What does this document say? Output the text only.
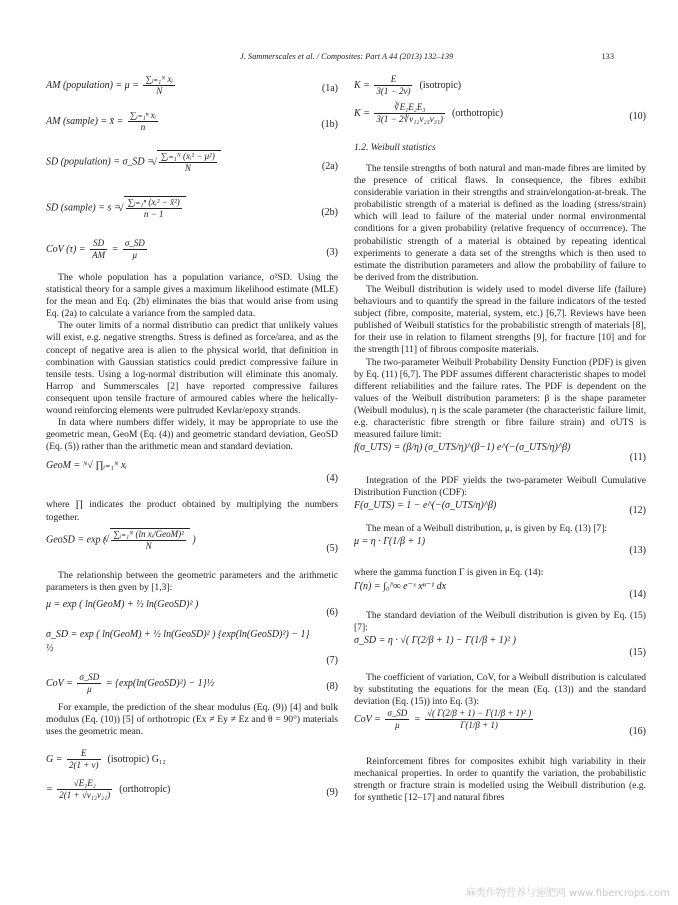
J. Summerscales et al. / Composites: Part A 44 (2013) 132–139	133
AM (population) = $\mu = \frac{\text{∑ᵢ₌₁ᴺ xᵢ}}{N}$	(1a)
AM (sample) = x̄ = $\frac{\text{∑ᵢ₌₁ⁿ xᵢ}}{n}$	(1b)
SD (population) = σ_SD = √ $\frac{\text{∑ᵢ₌₁ᴺ (xᵢ² − μ²)}}{N}$	(2a)
SD (sample) = s = √ $\frac{\text{∑ᵢ₌₁ⁿ (xᵢ² − x̄²)}}{n - 1}$	(2b)
CoV $(\tau) = \frac{SD}{AM} = \frac{\sigma\_SD}{\mu}$	(3)

The whole population has a population variance, σ²SD. Using the statistical theory for a sample gives a maximum likelihood estimate (MLE) for the mean and Eq. (2b) eliminates the bias that would arise from using Eq. (2a) to calculate a variance from the sampled data.

The outer limits of a normal distributio can predict that unlikely values will exist, e.g. negative strengths. Stress is defined as force/area, and as the concept of negative area is alien to the physical world, that definition in combination with Gaussian statistics could predict compressive failure in tensile tests. Using a log-normal distribution will eliminate this anomaly. Harrop and Summerscales [2] have reported compressive failures consequent upon tensile fracture of armoured cables where the helically-wound reinforcing elements were pultruded Kevlar/epoxy strands.

In data where numbers differ widely, it may be appropriate to use the geometric mean, GeoM (Eq. (4)) and geometric standard deviation, GeoSD (Eq. (5)) rather than the arithmetic mean and standard deviation.

GeoM = ᴺ√ ∏ᵢ₌₁ᴺ xᵢ
(4)

where ∏ indicates the product obtained by multiplying the numbers together.

GeoSD = exp ( √ $\frac{\text{∑ᵢ₌₁ᴺ (ln xᵢ/GeoM)²}}{N}$ )
(5)

The relationship between the geometric parameters and the arithmetic parameters is then gven by [1,3]:

μ = exp ( ln(GeoM) + ½ ln(GeoSD)² )
(6)
σ_SD = exp ( ln(GeoM) + ½ ln(GeoSD)² ) {exp(ln(GeoSD)²) − 1}½
(7)
CoV = $\frac{\sigma\_SD}{\mu}$ = {exp(ln(GeoSD)²) − 1}½	(8)

For example, the prediction of the shear modulus (Eq. (9)) [4] and bulk modulus (Eq. (10)) [5] of orthotropic (Ex ≠ Ey ≠ Ez and θ = 90°) materials uses the geometric mean.

$G = \frac{E}{2(1 + \nu)}$ (isotropic) G₁₂
= $\frac{\text{√E₁E₂}}{\text{2(1 + √ν₁₂ν₂₁)}}$ (orthotropic)	(9)
$K = \frac{E}{3(1 - 2\nu)}$ (isotropic)
$K = \frac{\text{∛E₁E₂E₃}}{\text{3(1 − 2∛ν₁₂ν₂₃ν₃₁)}}$ (orthotropic)	(10)
1.2. Weibull statistics

The tensile strengths of both natural and man-made fibres are limited by the presence of critical flaws. In consequence, the fibres exhibit considerable variation in their strengths and strain/elongation-at-break. The probabilistic strength of a material is defined as the loading (stress/strain) which will lead to failure of the material under normal environmental conditions for a given probability (relative frequency of occurrence). The probabilistic strength of a material is obtained by repeating identical experiments to generate a data set of the strengths which is then used to estimate the distribution parameters and allow the probability of failure to be derived from the distribution.

The Weibull distribution is widely used to model diverse life (failure) behaviours and to quantify the spread in the failure indicators of the tested subject (fibre, composite, material, system, etc.) [6,7]. Reviews have been published of Weibull statistics for the probabilistic strength of materials [8], for their use in relation to filament strengths [9], for fracture [10] and for the strength [11] of fibrous composite materials.

The two-parameter Weibull Probability Density Function (PDF) is given by Eq. (11) [6,7]. The PDF assumes different characteristic shapes to model different reliabilities and the failure rates. The PDF is dependent on the values of the Weibull distribution parameters: β is the shape parameter (Weibull modulus), η is the scale parameter (the characteristic failure limit, e.g. characteristic fibre strength or fibre failure strain) and σUTS is measured failure limit:

f(σ_UTS) = (β/η) (σ_UTS/η)^(β−1) e^(−(σ_UTS/η)^β)
(11)

Integration of the PDF yields the two-parameter Weibull Cumulative Distribution Function (CDF):

F(σ_UTS) = 1 − e^(−(σ_UTS/η)^β)	(12)

The mean of a Weibull distribution, μ, is given by Eq. (13) [7]:

μ = η · Γ(1/β + 1)
(13)

where the gamma function Γ is given in Eq. (14):

Γ(n) = ∫₀^∞ e⁻ˣ xⁿ⁻¹ dx
(14)

The standard deviation of the Weibull distribution is given by Eq. (15) [7]:

σ_SD = η · √( Γ(2/β + 1) − Γ(1/β + 1)² )
(15)

The coefficient of variation, CoV, for a Weibull distribution is calculated by substituting the equations for the mean (Eq. (13)) and the standard deviation (Eq. (15)) into Eq. (3):

CoV = $\frac{\sigma\_SD}{\mu} = \frac{\text{√( Γ(2/β + 1) − Γ(1/β + 1)² )}}{\Gamma(1/\beta + 1)}$
(16)

Reinforcement fibres for composites exhibit high variability in their mechanical properties. In order to quantify the variation, the probabilistic strength or fracture strain is modelled using the Weibull distribution (e.g. for synthetic [12–17] and natural fibres

麻类作物营养与施肥网 www.fibercrops.com
